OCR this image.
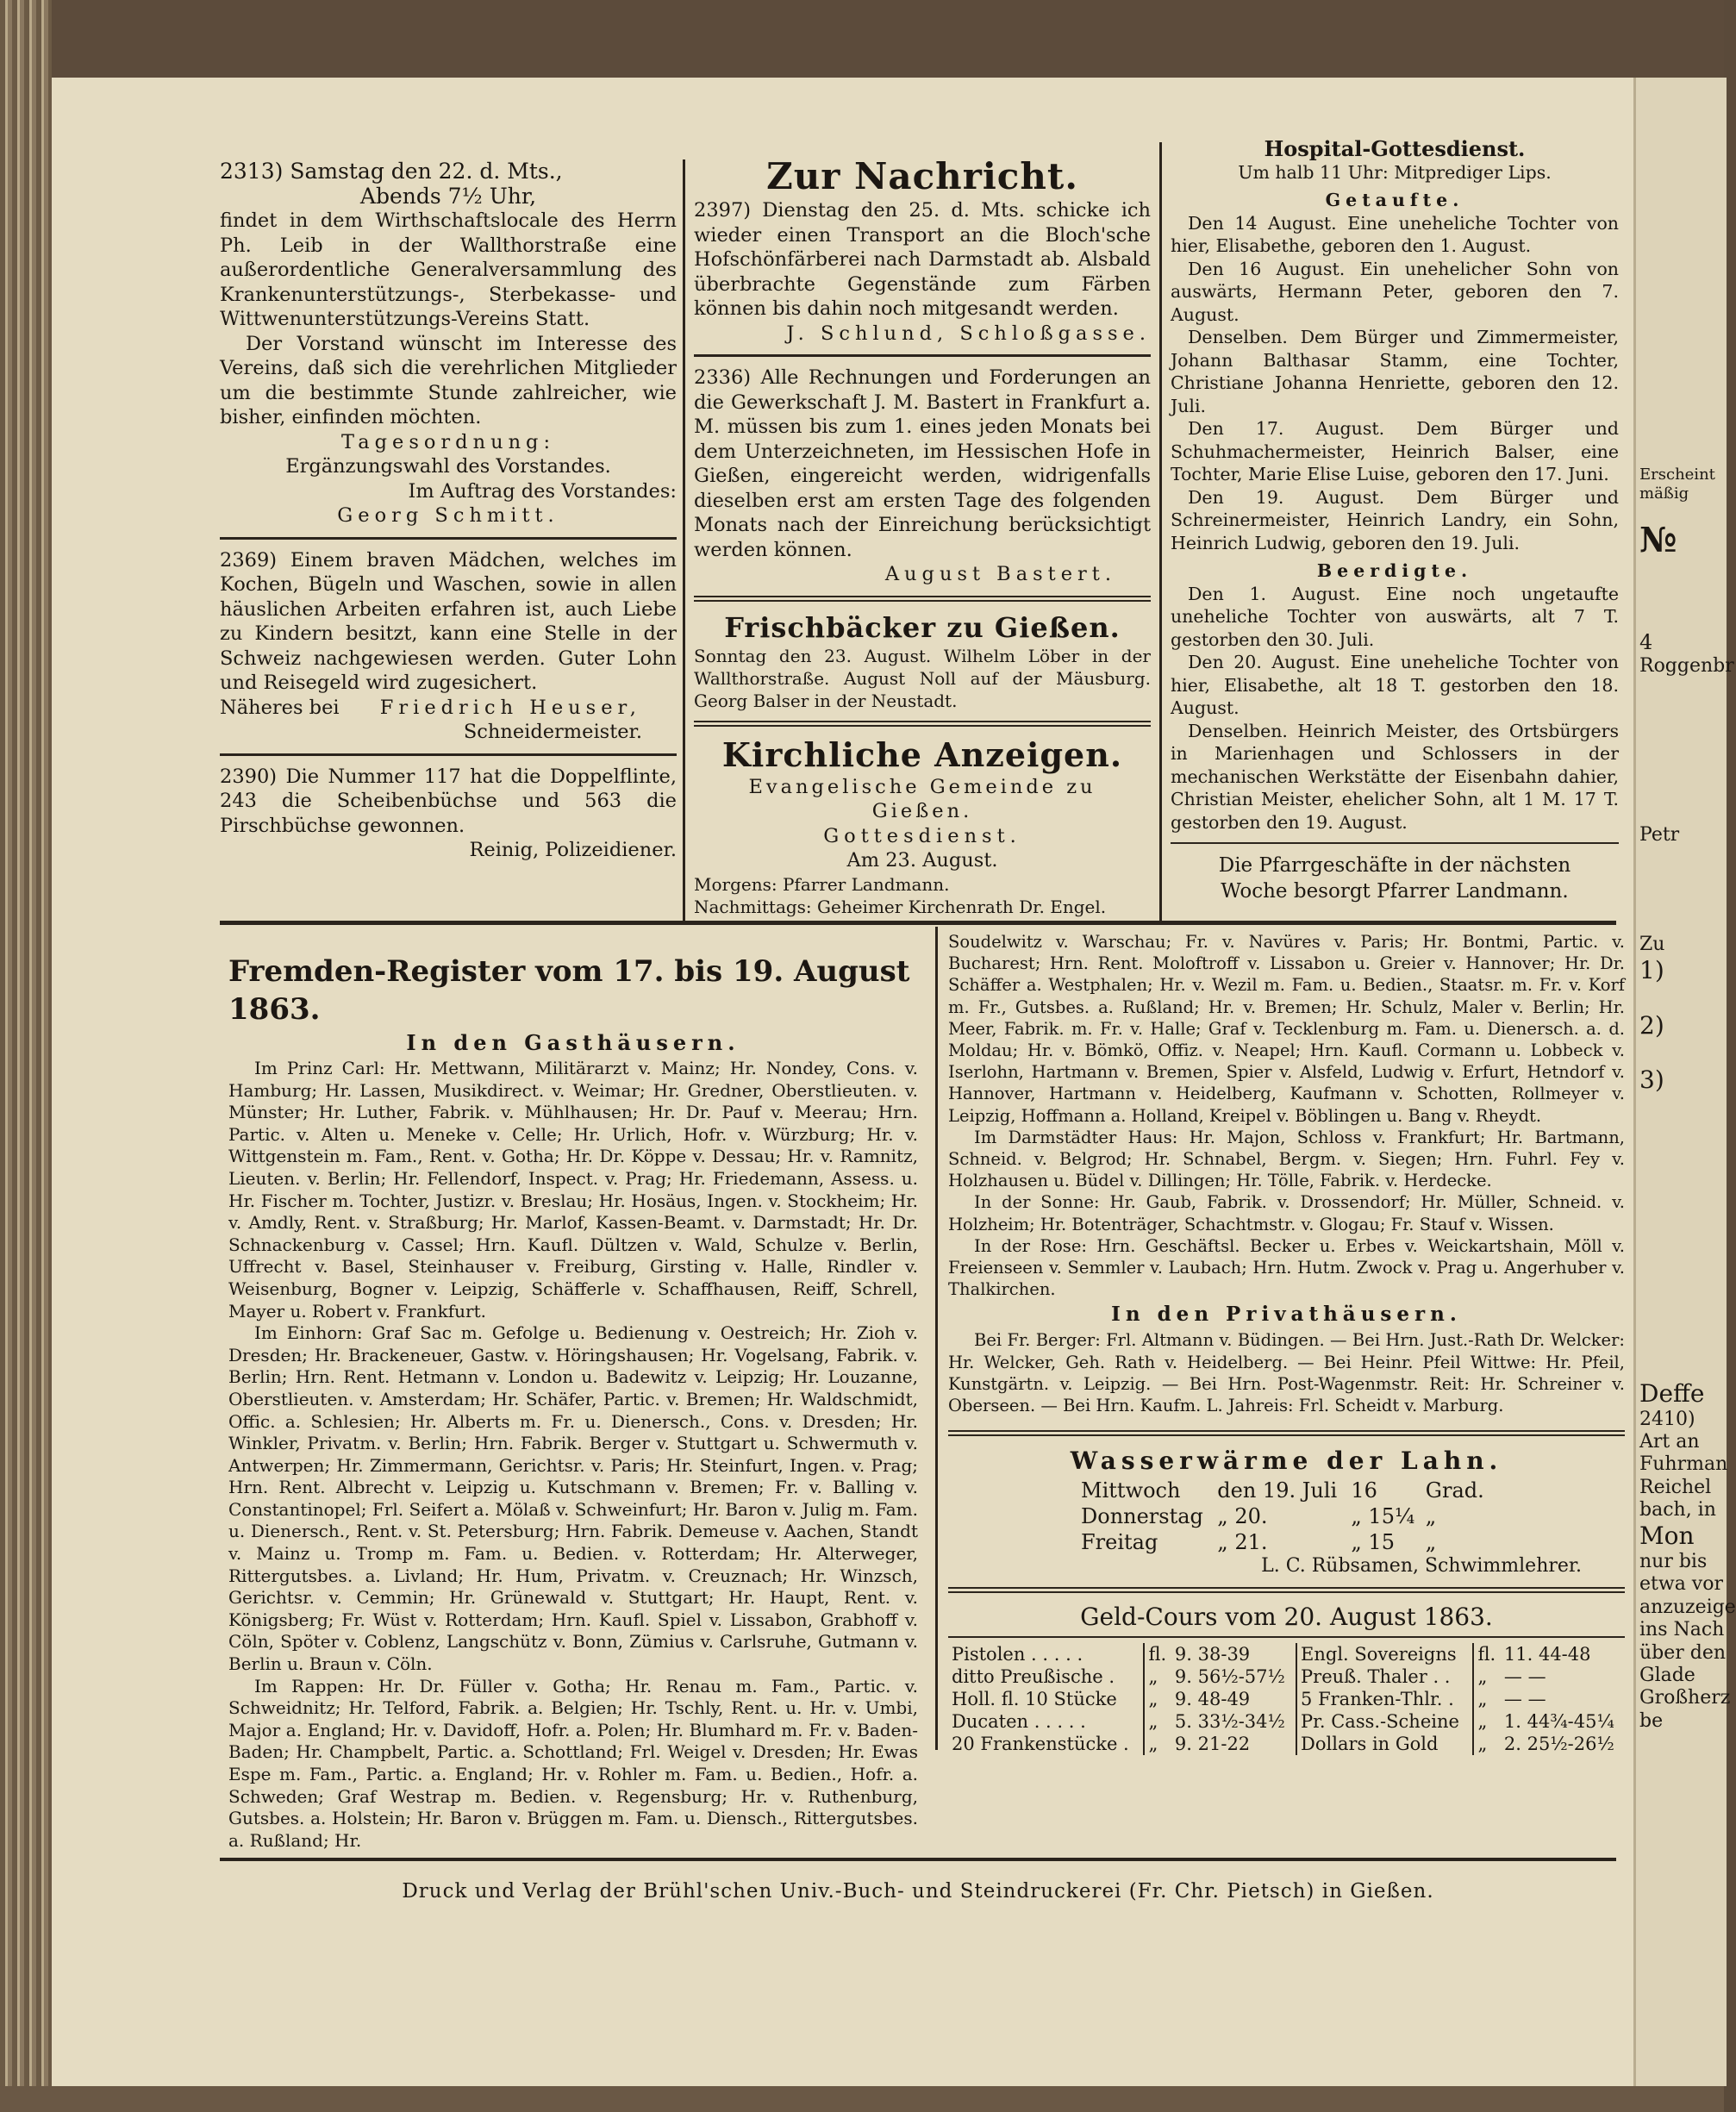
2313) Samstag den 22. d. Mts.,

Abends 7½ Uhr,

findet in dem Wirthschaftslocale des Herrn Ph. Leib in der Wallthorstraße eine außerordentliche Generalversammlung des Krankenunterstützungs-, Sterbekasse- und Wittwenunterstützungs-Vereins Statt.

Der Vorstand wünscht im Interesse des Vereins, daß sich die verehrlichen Mitglieder um die bestimmte Stunde zahlreicher, wie bisher, einfinden möchten.

Tagesordnung:

Ergänzungswahl des Vorstandes.

Im Auftrag des Vorstandes:

Georg Schmitt.

2369) Einem braven Mädchen, welches im Kochen, Bügeln und Waschen, sowie in allen häuslichen Arbeiten erfahren ist, auch Liebe zu Kindern besitzt, kann eine Stelle in der Schweiz nachgewiesen werden. Guter Lohn und Reisegeld wird zugesichert.

Näheres bei Friedrich Heuser,

Schneidermeister.

2390) Die Nummer 117 hat die Doppelflinte, 243 die Scheibenbüchse und 563 die Pirschbüchse gewonnen.

Reinig, Polizeidiener.

Zur Nachricht.

2397) Dienstag den 25. d. Mts. schicke ich wieder einen Transport an die Bloch'sche Hofschönfärberei nach Darmstadt ab. Alsbald überbrachte Gegenstände zum Färben können bis dahin noch mitgesandt werden.

J. Schlund, Schloßgasse.

2336) Alle Rechnungen und Forderungen an die Gewerkschaft J. M. Bastert in Frankfurt a. M. müssen bis zum 1. eines jeden Monats bei dem Unterzeichneten, im Hessischen Hofe in Gießen, eingereicht werden, widrigenfalls dieselben erst am ersten Tage des folgenden Monats nach der Einreichung berücksichtigt werden können.

August Bastert.

Frischbäcker zu Gießen.

Sonntag den 23. August. Wilhelm Löber in der Wallthorstraße. August Noll auf der Mäusburg. Georg Balser in der Neustadt.

Kirchliche Anzeigen.

Evangelische Gemeinde zu Gießen.

Gottesdienst.

Am 23. August.

Morgens: Pfarrer Landmann.

Nachmittags: Geheimer Kirchenrath Dr. Engel.

Hospital-Gottesdienst.

Um halb 11 Uhr: Mitprediger Lips.

Getaufte.

Den 14 August. Eine uneheliche Tochter von hier, Elisabethe, geboren den 1. August.

Den 16 August. Ein unehelicher Sohn von auswärts, Hermann Peter, geboren den 7. August.

Denselben. Dem Bürger und Zimmermeister, Johann Balthasar Stamm, eine Tochter, Christiane Johanna Henriette, geboren den 12. Juli.

Den 17. August. Dem Bürger und Schuhmachermeister, Heinrich Balser, eine Tochter, Marie Elise Luise, geboren den 17. Juni.

Den 19. August. Dem Bürger und Schreinermeister, Heinrich Landry, ein Sohn, Heinrich Ludwig, geboren den 19. Juli.

Beerdigte.

Den 1. August. Eine noch ungetaufte uneheliche Tochter von auswärts, alt 7 T. gestorben den 30. Juli.

Den 20. August. Eine uneheliche Tochter von hier, Elisabethe, alt 18 T. gestorben den 18. August.

Denselben. Heinrich Meister, des Ortsbürgers in Marienhagen und Schlossers in der mechanischen Werkstätte der Eisenbahn dahier, Christian Meister, ehelicher Sohn, alt 1 M. 17 T. gestorben den 19. August.

Die Pfarrgeschäfte in der nächsten Woche besorgt Pfarrer Landmann.

Fremden-Register vom 17. bis 19. August 1863.

In den Gasthäusern.

Im Prinz Carl: Hr. Mettwann, Militärarzt v. Mainz; Hr. Nondey, Cons. v. Hamburg; Hr. Lassen, Musikdirect. v. Weimar; Hr. Gredner, Oberstlieuten. v. Münster; Hr. Luther, Fabrik. v. Mühlhausen; Hr. Dr. Pauf v. Meerau; Hrn. Partic. v. Alten u. Meneke v. Celle; Hr. Urlich, Hofr. v. Würzburg; Hr. v. Wittgenstein m. Fam., Rent. v. Gotha; Hr. Dr. Köppe v. Dessau; Hr. v. Ramnitz, Lieuten. v. Berlin; Hr. Fellendorf, Inspect. v. Prag; Hr. Friedemann, Assess. u. Hr. Fischer m. Tochter, Justizr. v. Breslau; Hr. Hosäus, Ingen. v. Stockheim; Hr. v. Amdly, Rent. v. Straßburg; Hr. Marlof, Kassen-Beamt. v. Darmstadt; Hr. Dr. Schnackenburg v. Cassel; Hrn. Kaufl. Dültzen v. Wald, Schulze v. Berlin, Uffrecht v. Basel, Steinhauser v. Freiburg, Girsting v. Halle, Rindler v. Weisenburg, Bogner v. Leipzig, Schäfferle v. Schaffhausen, Reiff, Schrell, Mayer u. Robert v. Frankfurt.

Im Einhorn: Graf Sac m. Gefolge u. Bedienung v. Oestreich; Hr. Zioh v. Dresden; Hr. Brackeneuer, Gastw. v. Höringshausen; Hr. Vogelsang, Fabrik. v. Berlin; Hrn. Rent. Hetmann v. London u. Badewitz v. Leipzig; Hr. Louzanne, Oberstlieuten. v. Amsterdam; Hr. Schäfer, Partic. v. Bremen; Hr. Waldschmidt, Offic. a. Schlesien; Hr. Alberts m. Fr. u. Dienersch., Cons. v. Dresden; Hr. Winkler, Privatm. v. Berlin; Hrn. Fabrik. Berger v. Stuttgart u. Schwermuth v. Antwerpen; Hr. Zimmermann, Gerichtsr. v. Paris; Hr. Steinfurt, Ingen. v. Prag; Hrn. Rent. Albrecht v. Leipzig u. Kutschmann v. Bremen; Fr. v. Balling v. Constantinopel; Frl. Seifert a. Mölaß v. Schweinfurt; Hr. Baron v. Julig m. Fam. u. Dienersch., Rent. v. St. Petersburg; Hrn. Fabrik. Demeuse v. Aachen, Standt v. Mainz u. Tromp m. Fam. u. Bedien. v. Rotterdam; Hr. Alterweger, Rittergutsbes. a. Livland; Hr. Hum, Privatm. v. Creuznach; Hr. Winzsch, Gerichtsr. v. Cemmin; Hr. Grünewald v. Stuttgart; Hr. Haupt, Rent. v. Königsberg; Fr. Wüst v. Rotterdam; Hrn. Kaufl. Spiel v. Lissabon, Grabhoff v. Cöln, Spöter v. Coblenz, Langschütz v. Bonn, Zümius v. Carlsruhe, Gutmann v. Berlin u. Braun v. Cöln.

Im Rappen: Hr. Dr. Füller v. Gotha; Hr. Renau m. Fam., Partic. v. Schweidnitz; Hr. Telford, Fabrik. a. Belgien; Hr. Tschly, Rent. u. Hr. v. Umbi, Major a. England; Hr. v. Davidoff, Hofr. a. Polen; Hr. Blumhard m. Fr. v. Baden-Baden; Hr. Champbelt, Partic. a. Schottland; Frl. Weigel v. Dresden; Hr. Ewas Espe m. Fam., Partic. a. England; Hr. v. Rohler m. Fam. u. Bedien., Hofr. a. Schweden; Graf Westrap m. Bedien. v. Regensburg; Hr. v. Ruthenburg, Gutsbes. a. Holstein; Hr. Baron v. Brüggen m. Fam. u. Diensch., Rittergutsbes. a. Rußland; Hr.

Soudelwitz v. Warschau; Fr. v. Navüres v. Paris; Hr. Bontmi, Partic. v. Bucharest; Hrn. Rent. Moloftroff v. Lissabon u. Greier v. Hannover; Hr. Dr. Schäffer a. Westphalen; Hr. v. Wezil m. Fam. u. Bedien., Staatsr. m. Fr. v. Korf m. Fr., Gutsbes. a. Rußland; Hr. v. Bremen; Hr. Schulz, Maler v. Berlin; Hr. Meer, Fabrik. m. Fr. v. Halle; Graf v. Tecklenburg m. Fam. u. Dienersch. a. d. Moldau; Hr. v. Bömkö, Offiz. v. Neapel; Hrn. Kaufl. Cormann u. Lobbeck v. Iserlohn, Hartmann v. Bremen, Spier v. Alsfeld, Ludwig v. Erfurt, Hetndorf v. Hannover, Hartmann v. Heidelberg, Kaufmann v. Schotten, Rollmeyer v. Leipzig, Hoffmann a. Holland, Kreipel v. Böblingen u. Bang v. Rheydt.

Im Darmstädter Haus: Hr. Majon, Schloss v. Frankfurt; Hr. Bartmann, Schneid. v. Belgrod; Hr. Schnabel, Bergm. v. Siegen; Hrn. Fuhrl. Fey v. Holzhausen u. Büdel v. Dillingen; Hr. Tölle, Fabrik. v. Herdecke.

In der Sonne: Hr. Gaub, Fabrik. v. Drossendorf; Hr. Müller, Schneid. v. Holzheim; Hr. Botenträger, Schachtmstr. v. Glogau; Fr. Stauf v. Wissen.

In der Rose: Hrn. Geschäftsl. Becker u. Erbes v. Weickartshain, Möll v. Freienseen v. Semmler v. Laubach; Hrn. Hutm. Zwock v. Prag u. Angerhuber v. Thalkirchen.

In den Privathäusern.

Bei Fr. Berger: Frl. Altmann v. Büdingen. — Bei Hrn. Just.-Rath Dr. Welcker: Hr. Welcker, Geh. Rath v. Heidelberg. — Bei Heinr. Pfeil Wittwe: Hr. Pfeil, Kunstgärtn. v. Leipzig. — Bei Hrn. Post-Wagenmstr. Reit: Hr. Schreiner v. Oberseen. — Bei Hrn. Kaufm. L. Jahreis: Frl. Scheidt v. Marburg.

Wasserwärme der Lahn.

Mittwoch	den 19. Juli	16	Grad.
Donnerstag	„ 20.	„ 15¼	„
Freitag	„ 21.	„ 15	„

L. C. Rübsamen, Schwimmlehrer.

Geld-Cours vom 20. August 1863.

Pistolen . . . . .	fl.	9. 38-39	Engl. Sovereigns	fl.	11. 44-48
ditto Preußische .	„	9. 56½-57½	Preuß. Thaler . .	„	— —
Holl. fl. 10 Stücke	„	9. 48-49	5 Franken-Thlr. .	„	— —
Ducaten . . . . .	„	5. 33½-34½	Pr. Cass.-Scheine	„	1. 44¾-45¼
20 Frankenstücke .	„	9. 21-22	Dollars in Gold	„	2. 25½-26½

Druck und Verlag der Brühl'schen Univ.-Buch- und Steindruckerei (Fr. Chr. Pietsch) in Gießen.

Erscheint
mäßig
№
4
Roggenbr
Petr
Zu
1)
2)
3)
Deffe
2410)
Art an
Fuhrman
Reichel
bach, in
Mon
nur bis
etwa vor
anzuzeige
ins Nach
über den
Glade
Großherz
be
